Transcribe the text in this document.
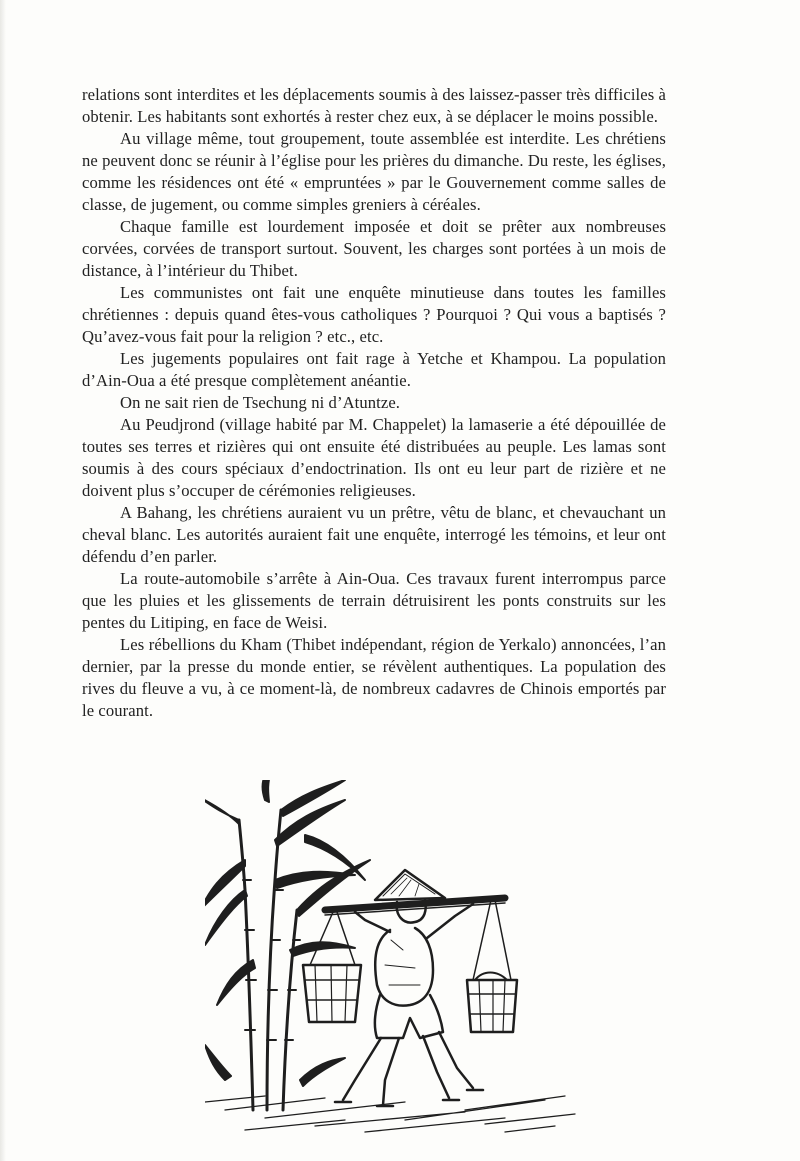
relations sont interdites et les déplacements soumis à des laissez-passer très difficiles à obtenir. Les habitants sont exhortés à rester chez eux, à se déplacer le moins possible.

Au village même, tout groupement, toute assemblée est interdite. Les chrétiens ne peuvent donc se réunir à l’église pour les prières du dimanche. Du reste, les églises, comme les résidences ont été « empruntées » par le Gouvernement comme salles de classe, de jugement, ou comme simples greniers à céréales.

Chaque famille est lourdement imposée et doit se prêter aux nombreuses corvées, corvées de transport surtout. Souvent, les charges sont portées à un mois de distance, à l’intérieur du Thibet.

Les communistes ont fait une enquête minutieuse dans toutes les familles chrétiennes : depuis quand êtes-vous catholiques ? Pourquoi ? Qui vous a baptisés ? Qu’avez-vous fait pour la religion ? etc., etc.

Les jugements populaires ont fait rage à Yetche et Khampou. La population d’Ain-Oua a été presque complètement anéantie.

On ne sait rien de Tsechung ni d’Atuntze.

Au Peudjrond (village habité par M. Chappelet) la lamaserie a été dépouillée de toutes ses terres et rizières qui ont ensuite été distribuées au peuple. Les lamas sont soumis à des cours spéciaux d’endoctrination. Ils ont eu leur part de rizière et ne doivent plus s’occuper de cérémonies religieuses.

A Bahang, les chrétiens auraient vu un prêtre, vêtu de blanc, et chevauchant un cheval blanc. Les autorités auraient fait une enquête, interrogé les témoins, et leur ont défendu d’en parler.

La route-automobile s’arrête à Ain-Oua. Ces travaux furent interrompus parce que les pluies et les glissements de terrain détruisirent les ponts construits sur les pentes du Litiping, en face de Weisi.

Les rébellions du Kham (Thibet indépendant, région de Yerkalo) annoncées, l’an dernier, par la presse du monde entier, se révèlent authentiques. La population des rives du fleuve a vu, à ce moment-là, de nombreux cadavres de Chinois emportés par le courant.
